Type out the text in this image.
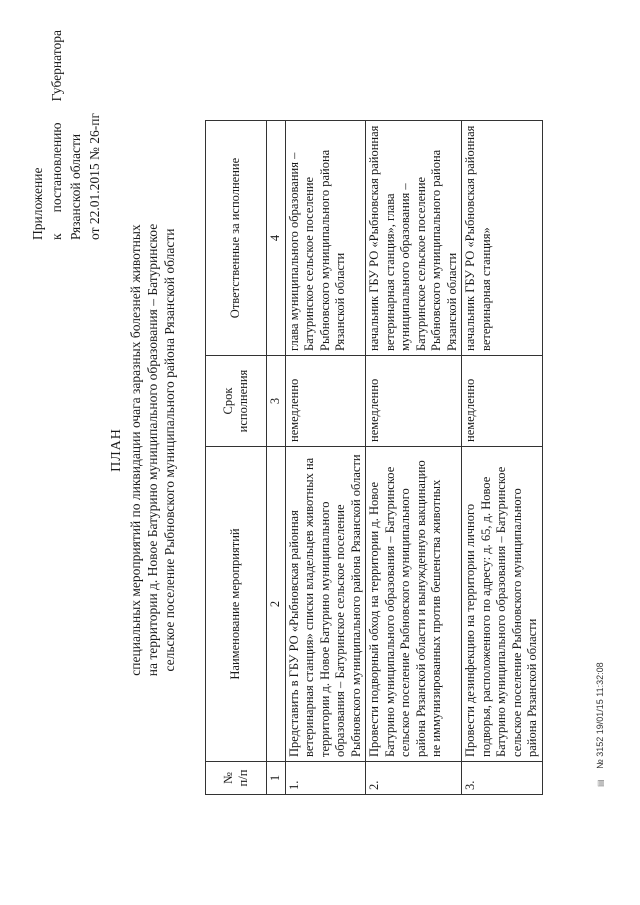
Приложение к
постановлению
Губернатора
Рязанской области от 22.01.2015 № 26-пг
ПЛАН специальных мероприятий по ликвидации очага заразных болезней животных на территории д. Новое Батурино муниципального образования – Батуринское сельское поселение Рыбновского муниципального района Рязанской области
№ п/п	Наименование мероприятий	Срок исполнения	Ответственные за исполнение
1	2	3	4
1.	Представить в ГБУ РО «Рыбновская районная ветеринарная станция» списки владельцев животных на территории д. Новое Батурино муниципального образования – Батуринское сельское поселение Рыбновского муниципального района Рязанской области	немедленно	глава муниципального образования – Батуринское сельское поселение Рыбновского муниципального района Рязанской области
2.	Провести подворный обход на территории д. Новое Батурино муниципального образования – Батуринское сельское поселение Рыбновского муниципального района Рязанской области и вынужденную вакцинацию не иммунизированных против бешенства животных	немедленно	начальник ГБУ РО «Рыбновская районная ветеринарная станция», глава муниципального образования – Батуринское сельское поселение Рыбновского муниципального района Рязанской области
3.	Провести дезинфекцию на территории личного подворья, расположенного по адресу: д. 65, д. Новое Батурино муниципального образования – Батуринское сельское поселение Рыбновского муниципального района Рязанской области	немедленно	начальник ГБУ РО «Рыбновская районная ветеринарная станция»
▤ № 3152 19/01/15 11:32:08
